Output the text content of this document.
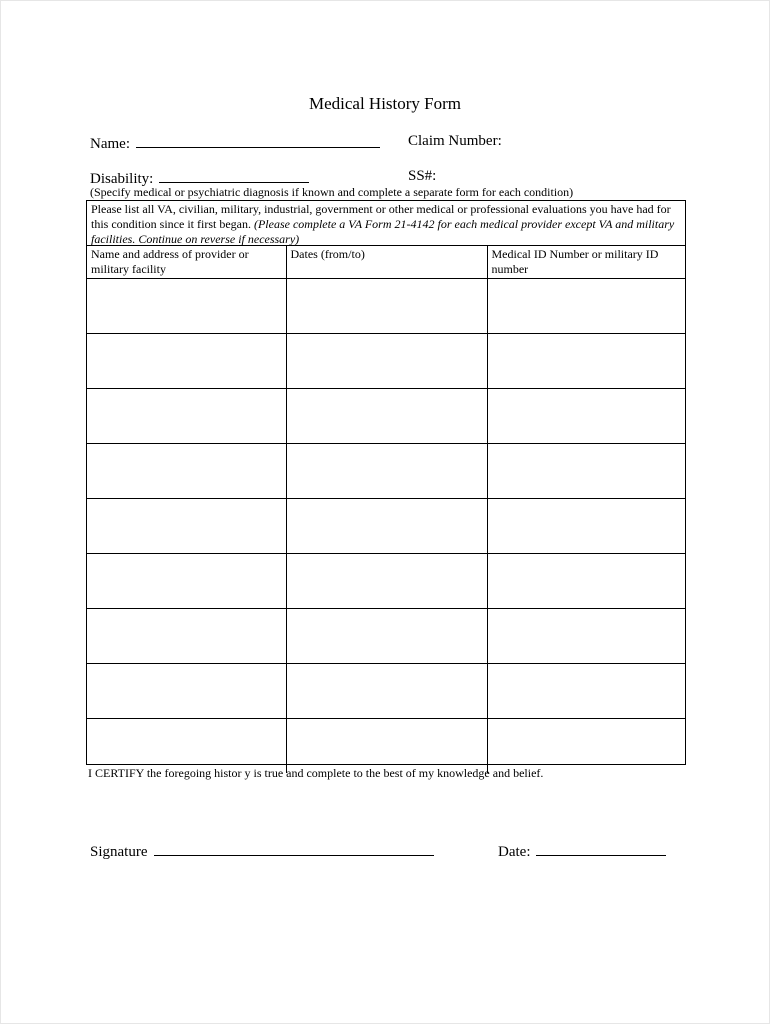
Medical History Form
Name:	Claim Number:
Disability:	SS#:
(Specify medical or psychiatric diagnosis if known and complete a separate form for each condition)
Please list all VA, civilian, military, industrial, government or other medical or professional evaluations you have had for this condition since it first began. (Please complete a VA Form 21-4142 for each medical provider except VA and military facilities. Continue on reverse if necessary)
Name and address of provider or military facility	Dates (from/to)	Medical ID Number or military ID number

I CERTIFY the foregoing histor y is true and complete to the best of my knowledge and belief.
Signature	Date:
